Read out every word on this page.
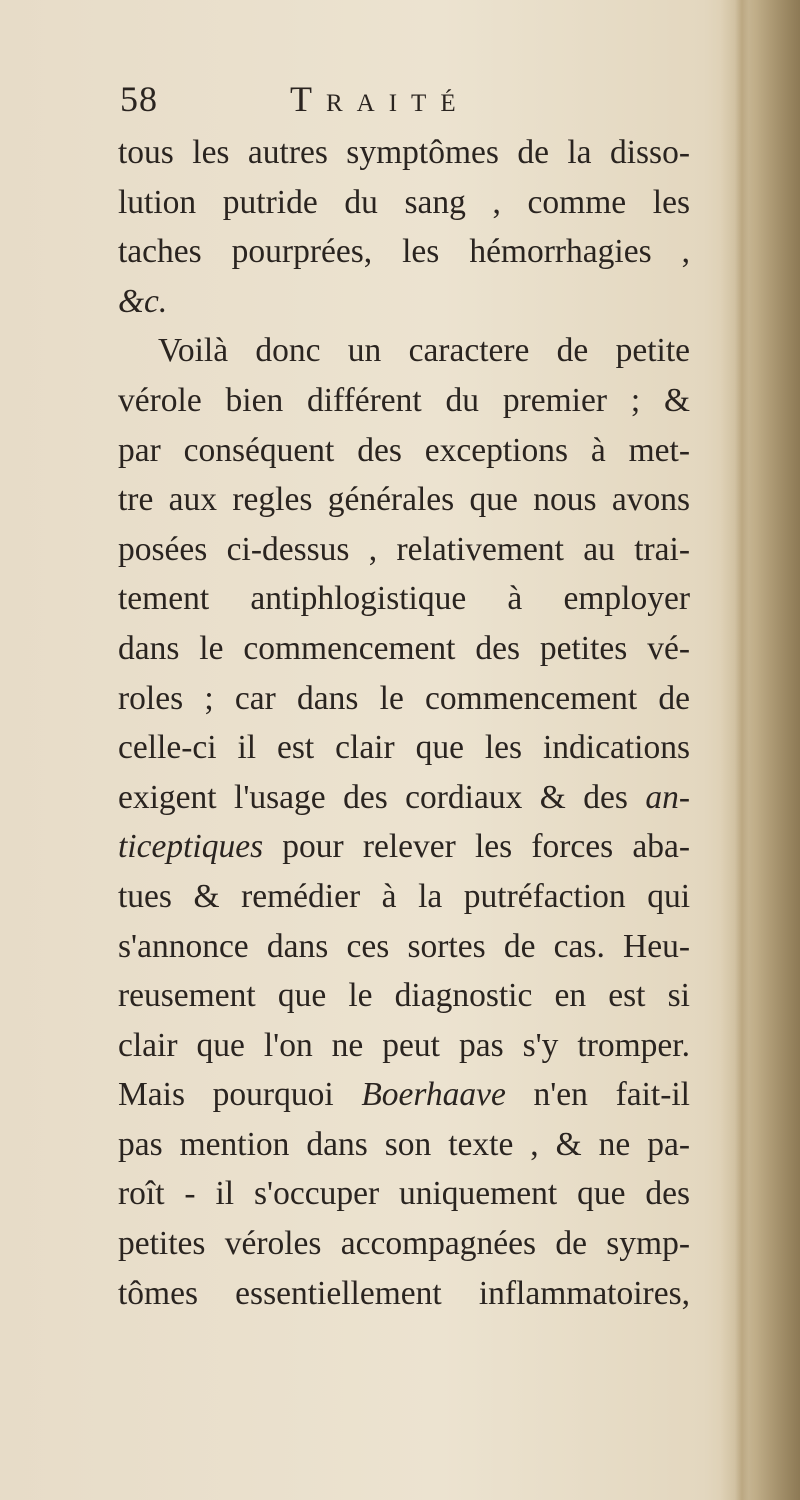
58	Traité
tous les autres symptômes de la disso-
lution putride du sang , comme les
taches pourprées, les hémorrhagies ,
&c.
Voilà donc un caractere de petite
vérole bien différent du premier ; &
par conséquent des exceptions à met-
tre aux regles générales que nous avons
posées ci-dessus , relativement au trai-
tement antiphlogistique à employer
dans le commencement des petites vé-
roles ; car dans le commencement de
celle-ci il est clair que les indications
exigent l'usage des cordiaux & des an-
ticeptiques pour relever les forces aba-
tues & remédier à la putréfaction qui
s'annonce dans ces sortes de cas. Heu-
reusement que le diagnostic en est si
clair que l'on ne peut pas s'y tromper.
Mais pourquoi Boerhaave n'en fait-il
pas mention dans son texte , & ne pa-
roît - il s'occuper uniquement que des
petites véroles accompagnées de symp-
tômes essentiellement inflammatoires,
